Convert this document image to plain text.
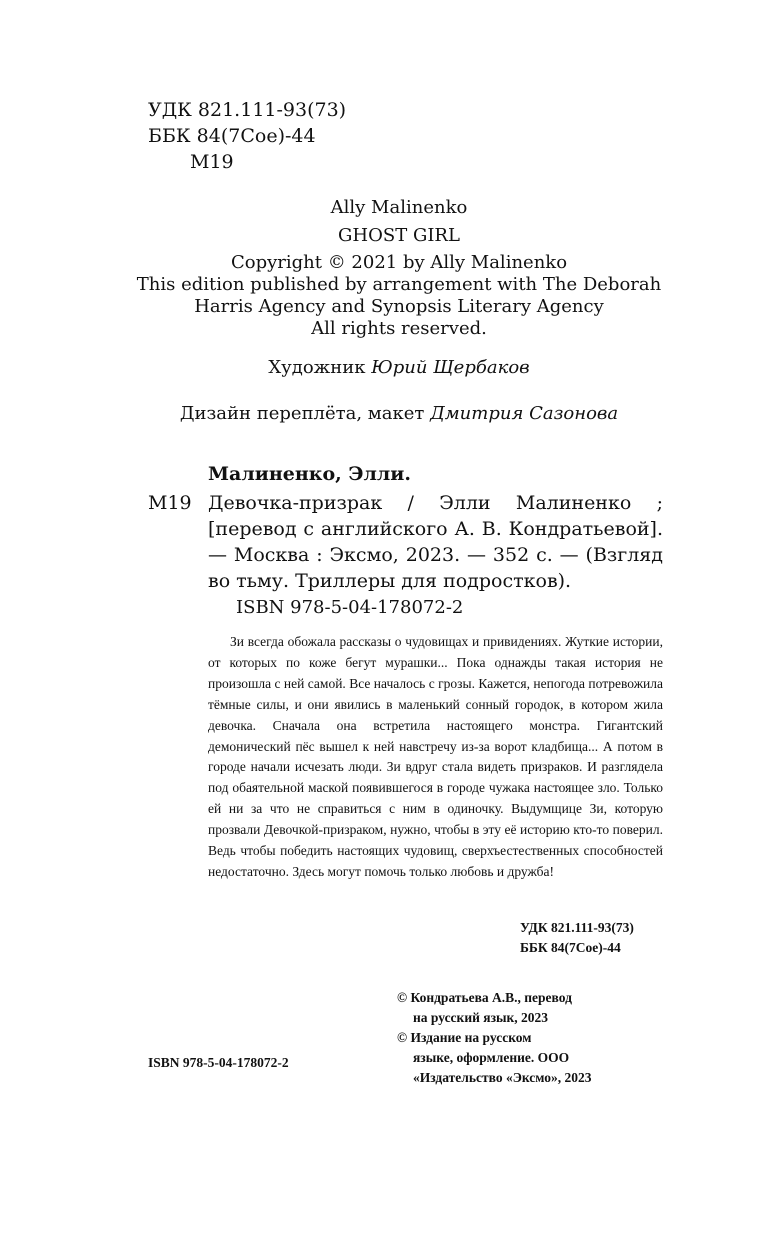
УДК 821.111-93(73)
ББК 84(7Сое)-44
М19
Ally Malinenko
GHOST GIRL
Copyright © 2021 by Ally Malinenko
This edition published by arrangement with The Deborah
Harris Agency and Synopsis Literary Agency
All rights reserved.
Художник Юрий Щербаков
Дизайн переплёта, макет Дмитрия Сазонова
Малиненко, Элли.
М19 Девочка-призрак / Элли Малиненко ; [перевод с английского А. В. Кондратьевой]. — Москва : Эксмо, 2023. — 352 с. — (Взгляд во тьму. Триллеры для подростков).
ISBN 978-5-04-178072-2
Зи всегда обожала рассказы о чудовищах и привидениях. Жуткие истории, от которых по коже бегут мурашки... Пока однажды такая история не произошла с ней самой. Все началось с грозы. Кажется, непогода потревожила тёмные силы, и они явились в маленький сонный городок, в котором жила девочка. Сначала она встретила настоящего монстра. Гигантский демонический пёс вышел к ней навстречу из-за ворот кладбища... А потом в городе начали исчезать люди. Зи вдруг стала видеть призраков. И разглядела под обаятельной маской появившегося в городе чужака настоящее зло. Только ей ни за что не справиться с ним в одиночку. Выдумщице Зи, которую прозвали Девочкой-призраком, нужно, чтобы в эту её историю кто-то поверил. Ведь чтобы победить настоящих чудовищ, сверхъестественных способностей недостаточно. Здесь могут помочь только любовь и дружба!
УДК 821.111-93(73)
ББК 84(7Сое)-44
© Кондратьева А.В., перевод
на русский язык, 2023
© Издание на русском
языке, оформление. ООО
«Издательство «Эксмо», 2023
ISBN 978-5-04-178072-2
